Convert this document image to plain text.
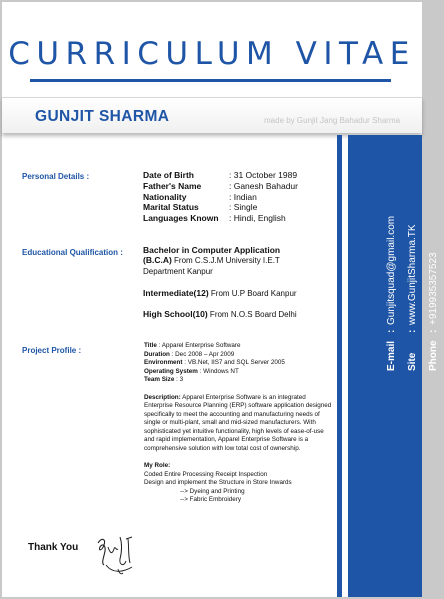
CURRICULUM VITAE
GUNJIT SHARMA	made by Gunjit Jang Bahadur Sharma
Personal Details :	Date of Birth	: 31 October 1989
Father's Name	: Ganesh Bahadur
Nationality	: Indian
Marital Status	: Single
Languages Known : Hindi, English
Educational Qualification : Bachelor in Computer Application
(B.C.A) From C.S.J.M University I.E.T
Department Kanpur
Intermediate(12) From U.P Board Kanpur
High School(10) From N.O.S Board Delhi
Project Profile :
Title : Apparel Enterprise Software
Duration : Dec 2008 – Apr 2009
Environment : VB.Net, IIS7 and SQL Server 2005
Operating System : Windows NT
Team Size : 3
Description: Apparel Enterprise Software is an integrated Enterprise Resource Planning (ERP) software application designed specifically to meet the accounting and manufacturing needs of single or multi-plant, small and mid-sized manufacturers. With sophisticated yet intuitive functionality, high levels of ease-of-use and rapid implementation, Apparel Enterprise Software is a comprehensive solution with low total cost of ownership.
My Role:
Coded Entire Processing Receipt Inspection
Design and implement the Structure in Store Inwards
--> Dyeing and Printing
--> Fabric Embroidery
E-mail:Gunjitsquad@gmail.com
Site:www.GunjitSharma.TK
Phone:+919935357523
Thank You
